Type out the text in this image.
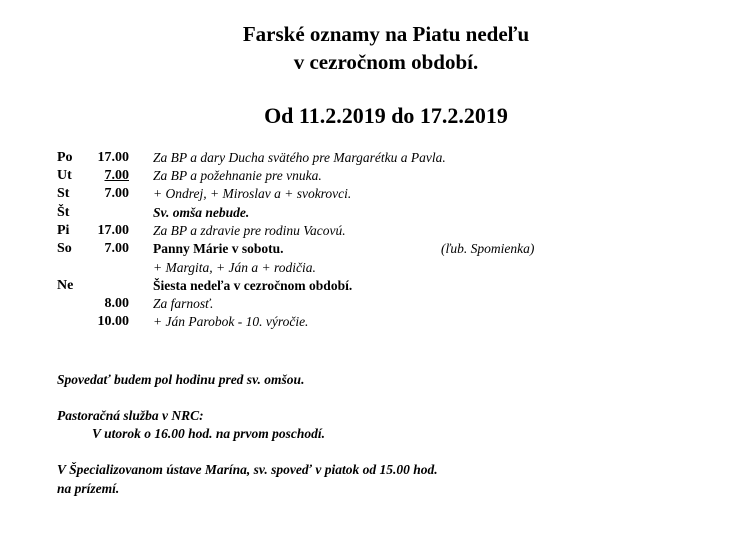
Farské oznamy na Piatu nedeľu
v cezročnom období.
Od 11.2.2019 do 17.2.2019
Po	17.00 Za BP a dary Ducha svätého pre Margarétku a Pavla.
Ut	7.00 Za BP a požehnanie pre vnuka.
St	7.00 + Ondrej, + Miroslav a + svokrovci.
Št	Sv. omša nebude.
Pi	17.00 Za BP a zdravie pre rodinu Vacovú.
So	7.00 Panny Márie v sobotu.	(ľub. Spomienka)
+ Margita, + Ján a + rodičia.
Ne	Šiesta nedeľa v cezročnom období.
8.00 Za farnosť.
10.00 + Ján Parobok - 10. výročie.
Spovedať budem pol hodinu pred sv. omšou.
Pastoračná služba v NRC:
V utorok o 16.00 hod. na prvom poschodí.
V Špecializovanom ústave Marína, sv. spoveď v piatok od 15.00 hod.
na prízemí.
